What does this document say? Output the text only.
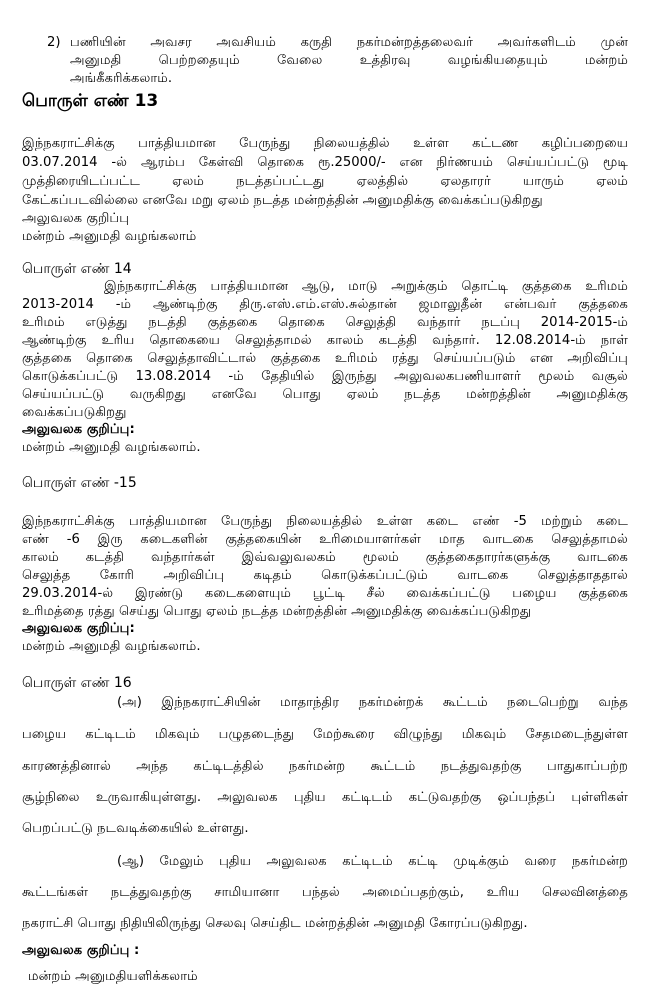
2) பணியின் அவசர அவசியம் கருதி நகர்மன்றத்தலைவர் அவர்களிடம் முன்

அனுமதி பெற்றதையும் வேலை உத்திரவு வழங்கியதையும் மன்றம்

அங்கீகரிக்கலாம்.

பொருள் எண் 13

இந்நகராட்சிக்கு பாத்தியமான பேருந்து நிலையத்தில் உள்ள கட்டண கழிப்பறையை

03.07.2014 -ல் ஆரம்ப கேள்வி தொகை ரூ.25000/- என நிர்ணயம் செய்யப்பட்டு மூடி

முத்திரையிடப்பட்ட ஏலம் நடத்தப்பட்டது ஏலத்தில் ஏலதாரர் யாரும் ஏலம்

கேட்கப்படவில்லை எனவே மறு ஏலம் நடத்த மன்றத்தின் அனுமதிக்கு வைக்கப்படுகிறது

அலுவலக குறிப்பு

மன்றம் அனுமதி வழங்கலாம்

பொருள் எண் 14

இந்நகராட்சிக்கு பாத்தியமான ஆடு, மாடு அறுக்கும் தொட்டி குத்தகை உரிமம்

2013-2014 -ம் ஆண்டிற்கு திரு.எஸ்.எம்.எஸ்.சுல்தான் ஜமாலுதீன் என்பவர் குத்தகை

உரிமம் எடுத்து நடத்தி குத்தகை தொகை செலுத்தி வந்தார் நடப்பு 2014-2015-ம்

ஆண்டிற்கு உரிய தொகையை செலுத்தாமல் காலம் கடத்தி வந்தார். 12.08.2014-ம் நாள்

குத்தகை தொகை செலுத்தாவிட்டால் குத்தகை உரிமம் ரத்து செய்யப்படும் என அறிவிப்பு

கொடுக்கப்பட்டு 13.08.2014 -ம் தேதியில் இருந்து அலுவலகபணியாளர் மூலம் வசூல்

செய்யப்பட்டு வருகிறது எனவே பொது ஏலம் நடத்த மன்றத்தின் அனுமதிக்கு

வைக்கப்படுகிறது

அலுவலக குறிப்பு:

மன்றம் அனுமதி வழங்கலாம்.

பொருள் எண் -15

இந்நகராட்சிக்கு பாத்தியமான பேருந்து நிலையத்தில் உள்ள கடை எண் -5 மற்றும் கடை

எண் -6 இரு கடைகளின் குத்தகையின் உரிமையாளர்கள் மாத வாடகை செலுத்தாமல்

காலம் கடத்தி வந்தார்கள் இவ்வலுவலகம் மூலம் குத்தகைதாரர்களுக்கு வாடகை

செலுத்த கோரி அறிவிப்பு கடிதம் கொடுக்கப்பட்டும் வாடகை செலுத்தாததால்

29.03.2014-ல் இரண்டு கடைகளையும் பூட்டி சீல் வைக்கப்பட்டு பழைய குத்தகை

உரிமத்தை ரத்து செய்து பொது ஏலம் நடத்த மன்றத்தின் அனுமதிக்கு வைக்கப்படுகிறது

அலுவலக குறிப்பு:

மன்றம் அனுமதி வழங்கலாம்.

பொருள் எண் 16

(அ) இந்நகராட்சியின் மாதாந்திர நகர்மன்றக் கூட்டம் நடைபெற்று வந்த

பழைய கட்டிடம் மிகவும் பழுதடைந்து மேற்கூரை விழுந்து மிகவும் சேதமடைந்துள்ள

காரணத்தினால் அந்த கட்டிடத்தில் நகர்மன்ற கூட்டம் நடத்துவதற்கு பாதுகாப்பற்ற

சூழ்நிலை உருவாகியுள்ளது. அலுவலக புதிய கட்டிடம் கட்டுவதற்கு ஒப்பந்தப் புள்ளிகள்

பெறப்பட்டு நடவடிக்கையில் உள்ளது.

(ஆ) மேலும் புதிய அலுவலக கட்டிடம் கட்டி முடிக்கும் வரை நகர்மன்ற

கூட்டங்கள் நடத்துவதற்கு சாமியானா பந்தல் அமைப்பதற்கும், உரிய செலவினத்தை

நகராட்சி பொது நிதியிலிருந்து செலவு செய்திட மன்றத்தின் அனுமதி கோரப்படுகிறது.

அலுவலக குறிப்பு :

மன்றம் அனுமதியளிக்கலாம்
